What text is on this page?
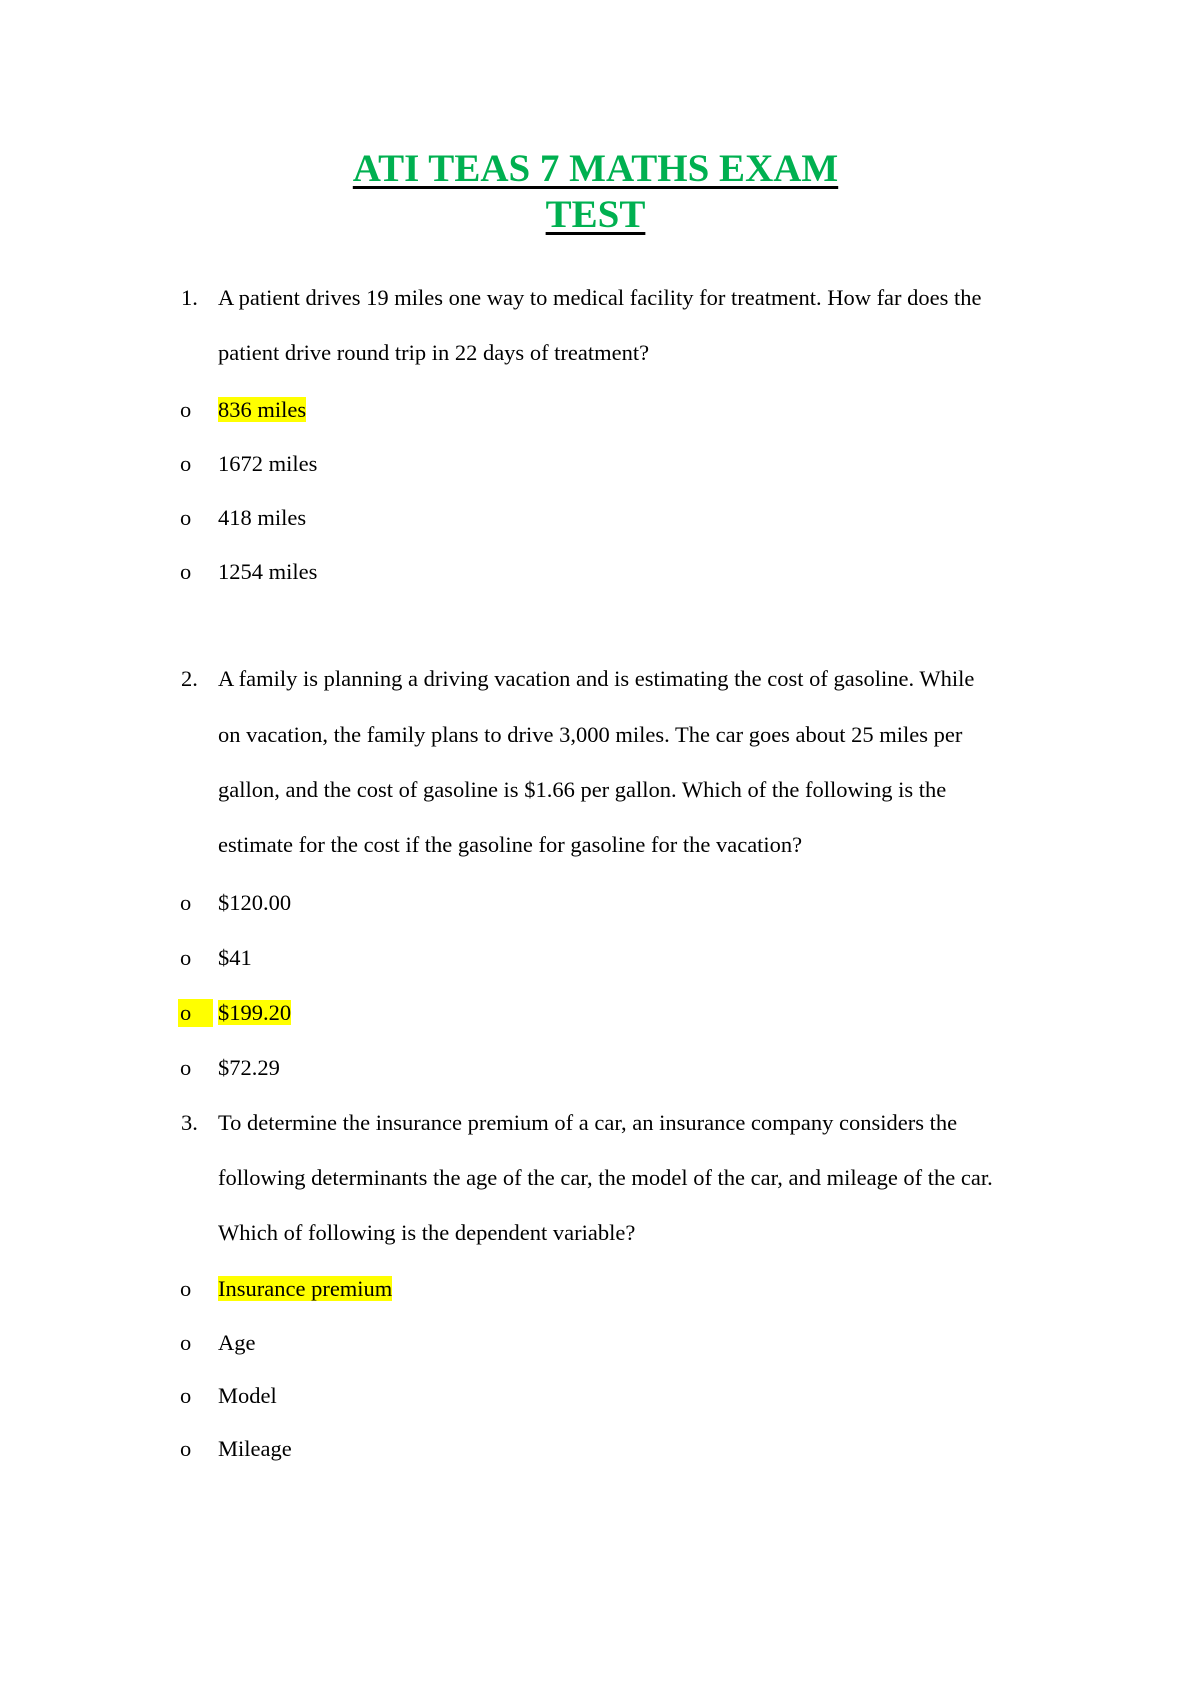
ATI TEAS 7 MATHS EXAM
TEST
1. A patient drives 19 miles one way to medical facility for treatment. How far does the
patient drive round trip in 22 days of treatment?
o 836 miles
o 1672 miles
o 418 miles
o 1254 miles
2. A family is planning a driving vacation and is estimating the cost of gasoline. While
on vacation, the family plans to drive 3,000 miles. The car goes about 25 miles per
gallon, and the cost of gasoline is $1.66 per gallon. Which of the following is the
estimate for the cost if the gasoline for gasoline for the vacation?
o $120.00
o $41
o	$199.20
o $72.29
3. To determine the insurance premium of a car, an insurance company considers the
following determinants the age of the car, the model of the car, and mileage of the car.
Which of following is the dependent variable?
o Insurance premium
o Age
o Model
o Mileage
